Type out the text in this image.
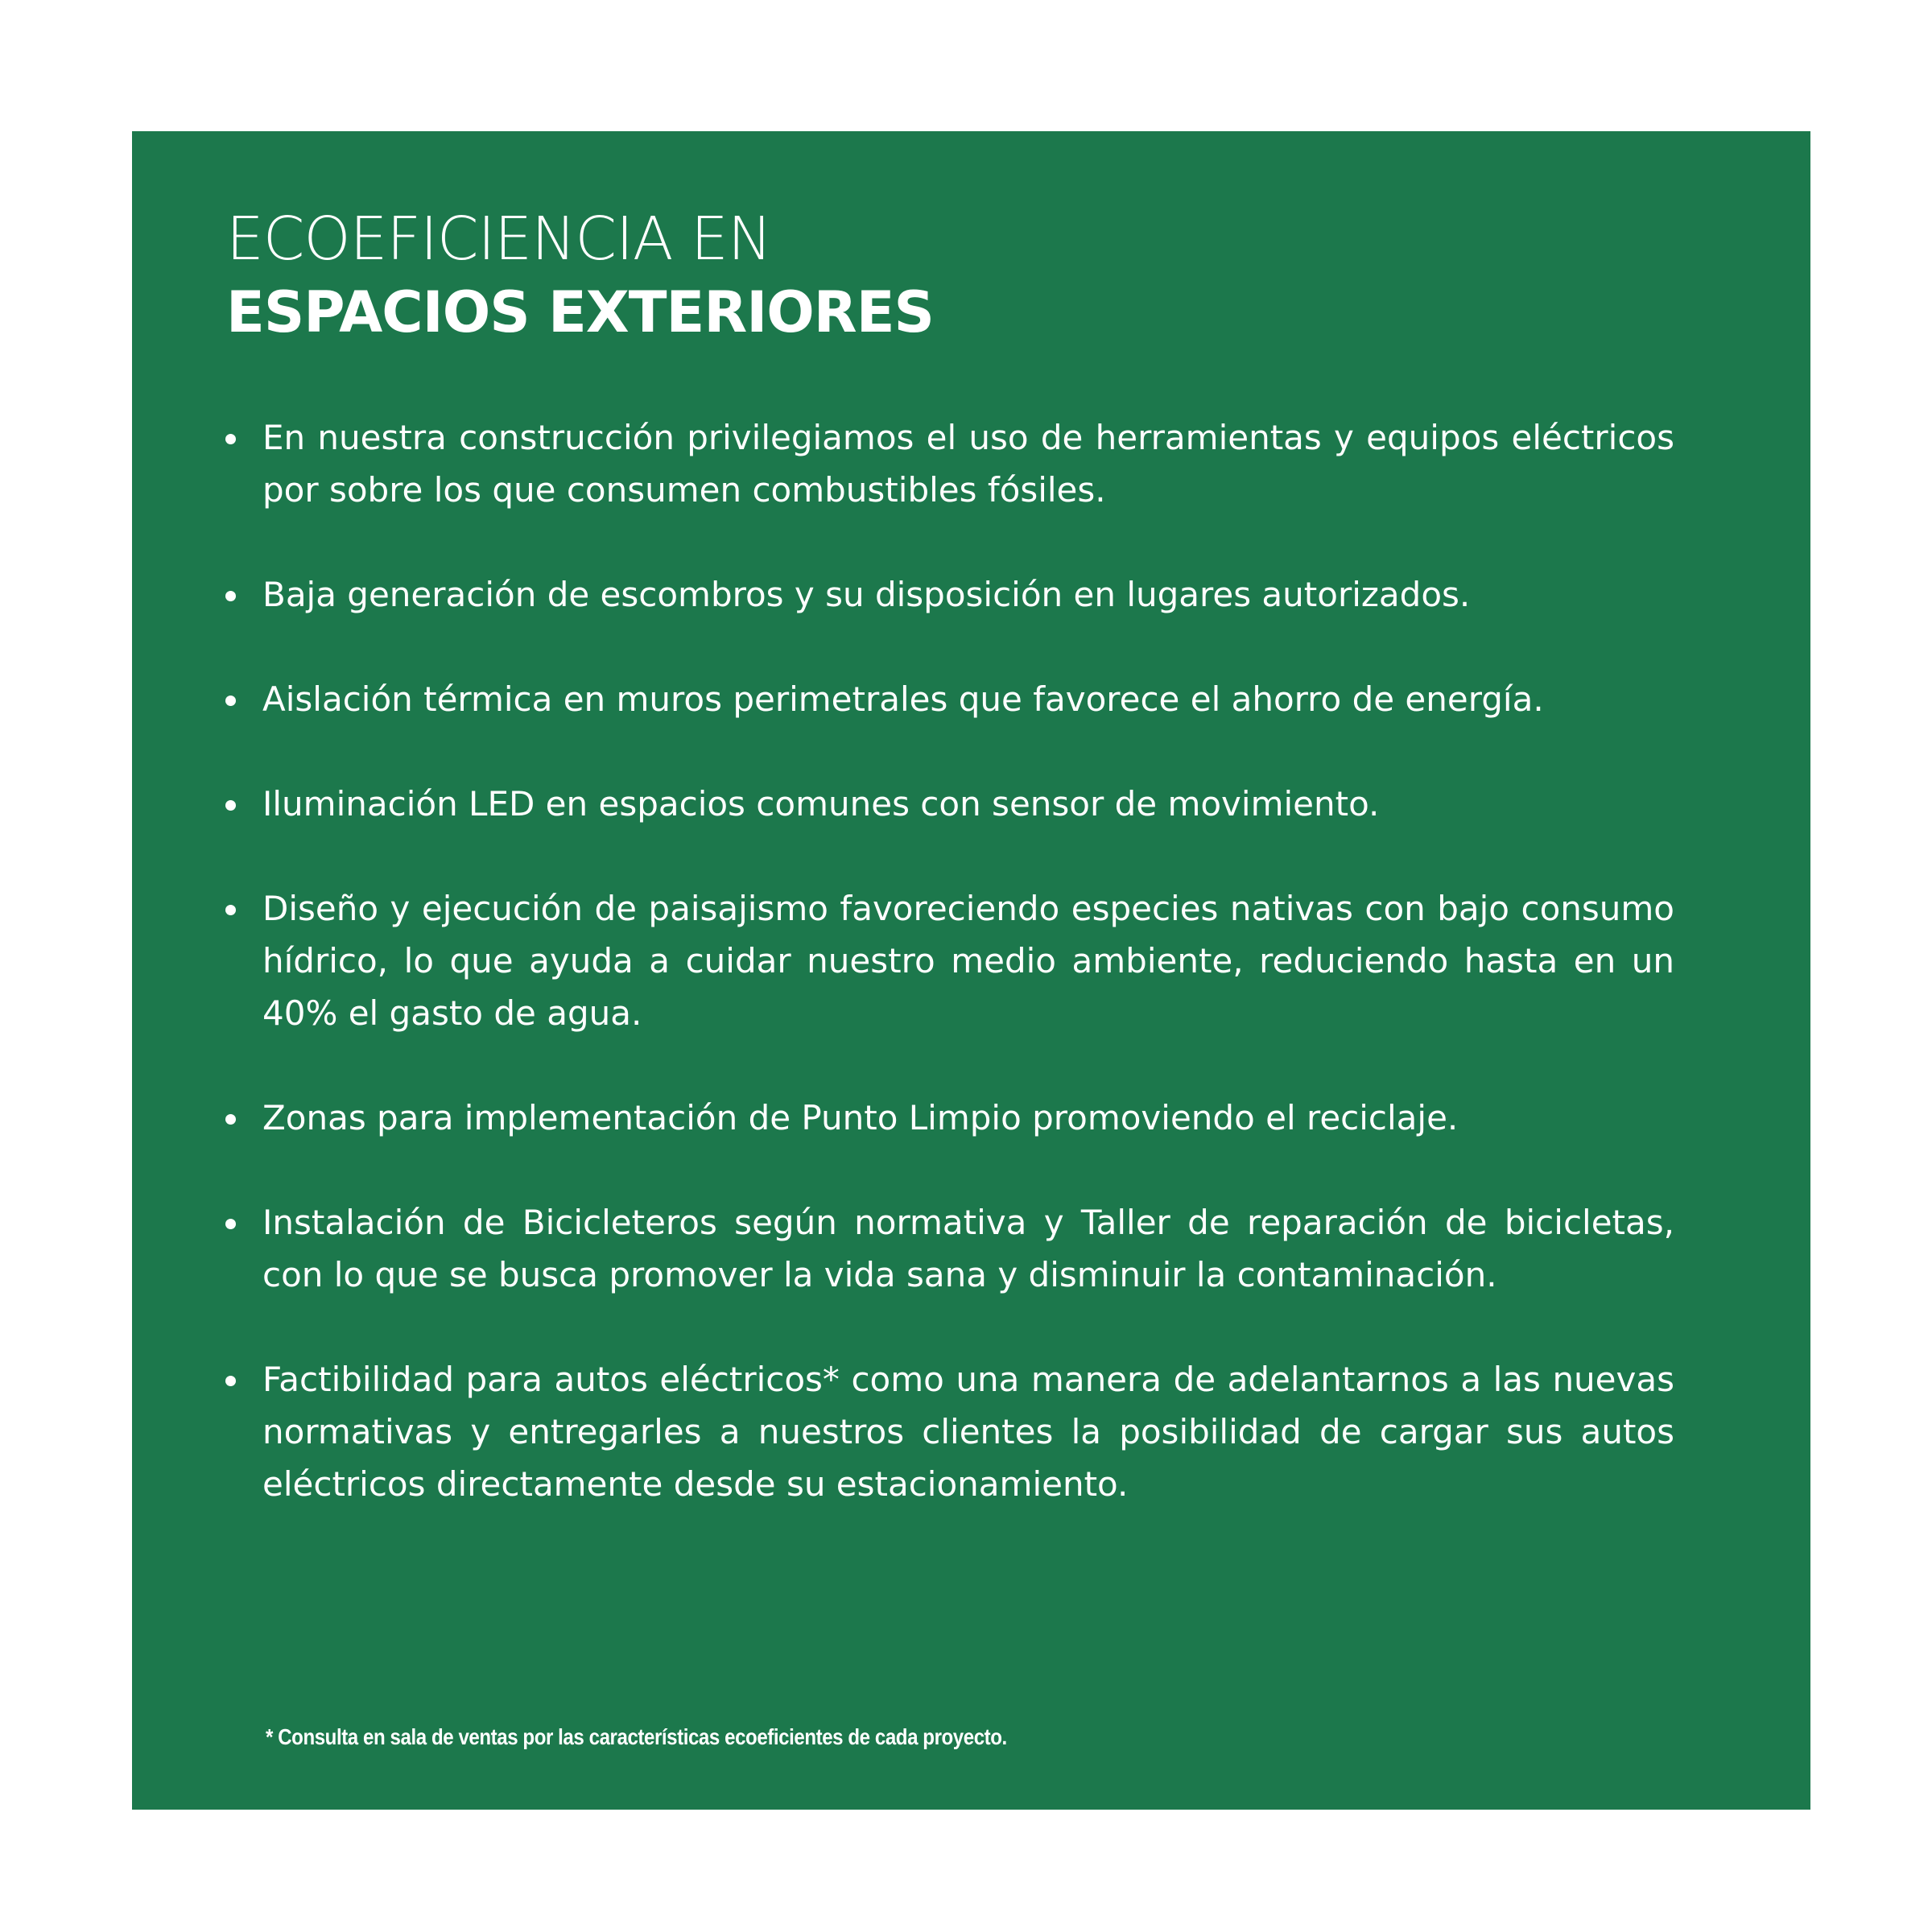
ECOEFICIENCIA EN
ESPACIOS EXTERIORES
En nuestra construcción privilegiamos el uso de herramientas y equipos eléctricos por sobre los que consumen combustibles fósiles.
Baja generación de escombros y su disposición en lugares autorizados.
Aislación térmica en muros perimetrales que favorece el ahorro de energía.
Iluminación LED en espacios comunes con sensor de movimiento.
Diseño y ejecución de paisajismo favoreciendo especies nativas con bajo consumo hídrico, lo que ayuda a cuidar nuestro medio ambiente, reduciendo hasta en un 40% el gasto de agua.
Zonas para implementación de Punto Limpio promoviendo el reciclaje.
Instalación de Bicicleteros según normativa y Taller de reparación de bicicletas, con lo que se busca promover la vida sana y disminuir la contaminación.
Factibilidad para autos eléctricos* como una manera de adelantarnos a las nuevas normativas y entregarles a nuestros clientes la posibilidad de cargar sus autos eléctricos directamente desde su estacionamiento.
* Consulta en sala de ventas por las características ecoeficientes de cada proyecto.
